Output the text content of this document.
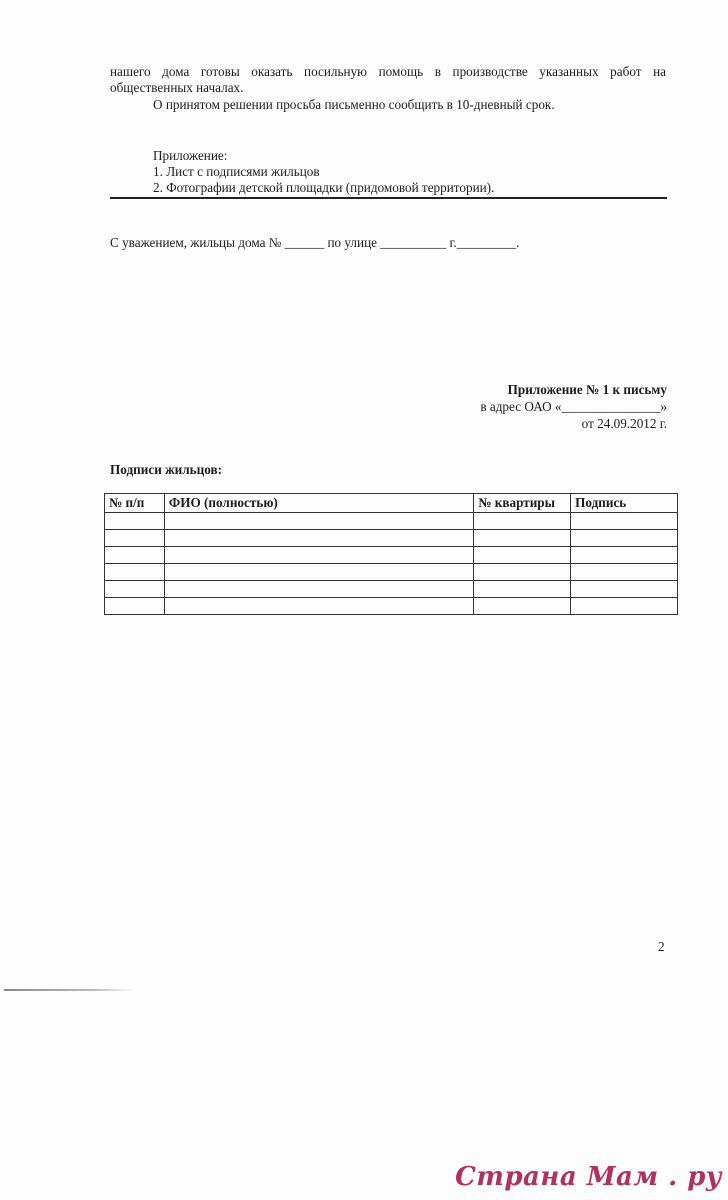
нашего дома готовы оказать посильную помощь в производстве указанных работ на общественных началах.
О принятом решении просьба письменно сообщить в 10-дневный срок.
Приложение:
1. Лист с подписями жильцов
2. Фотографии детской площадки (придомовой территории).
С уважением, жильцы дома № ______ по улице __________ г._________.
Приложение № 1 к письму
в адрес ОАО «_______________»
от 24.09.2012 г.
Подписи жильцов:
№ п/п	ФИО (полностью)	№ квартиры	Подпись

2
Страна Мам . ру
